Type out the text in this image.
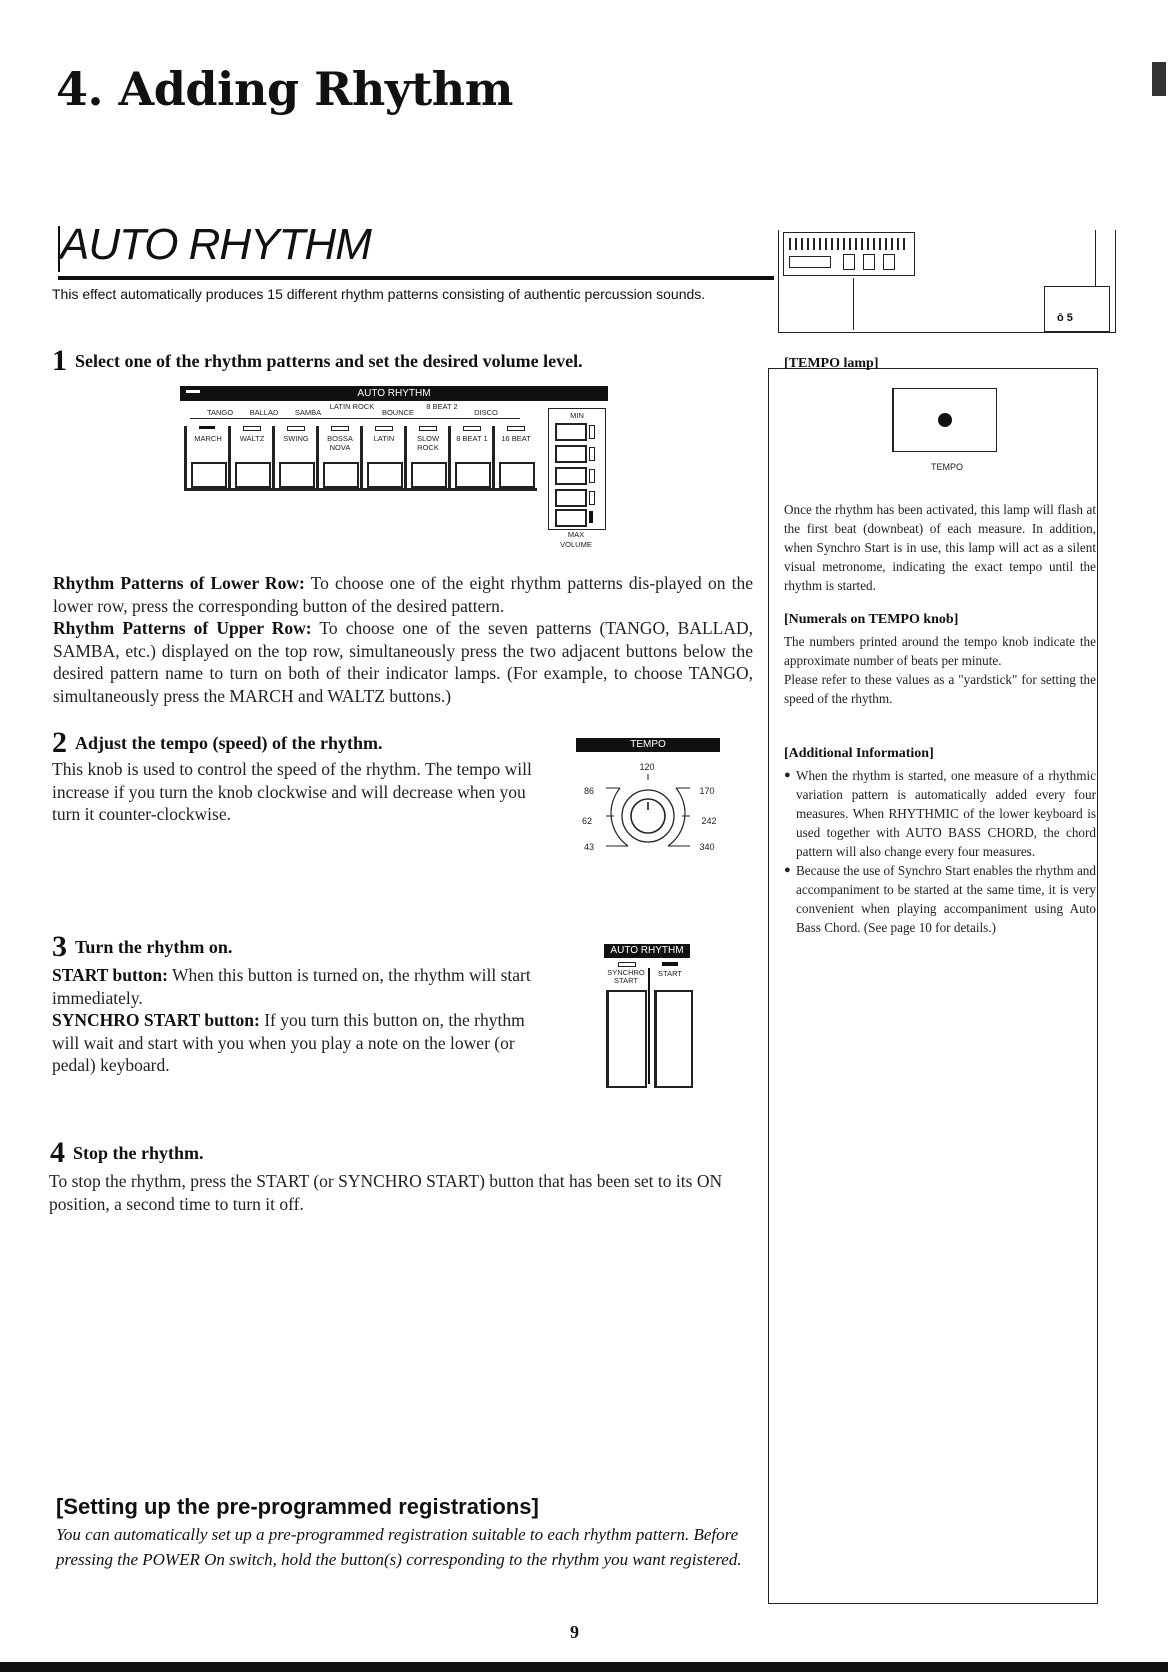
4. Adding Rhythm
AUTO RHYTHM
This effect automatically produces 15 different rhythm patterns consisting of authentic percussion sounds.
ō 5
1 Select one of the rhythm patterns and set the desired volume level.
AUTO RHYTHM
TANGO	BALLAD	SAMBA
LATIN ROCK
BOUNCE
8 BEAT 2
DISCO
MARCH	WALTZ	SWING	BOSSA NOVA
LATIN	SLOW ROCK
8 BEAT 1	16 BEAT
MIN
MAX
VOLUME
Rhythm Patterns of Lower Row: To choose one of the eight rhythm patterns dis-played on the lower row, press the corresponding button of the desired pattern.
Rhythm Patterns of Upper Row: To choose one of the seven patterns (TANGO, BALLAD, SAMBA, etc.) displayed on the top row, simultaneously press the two adjacent buttons below the desired pattern name to turn on both of their indicator lamps. (For example, to choose TANGO, simultaneously press the MARCH and WALTZ buttons.)
2 Adjust the tempo (speed) of the rhythm.
This knob is used to control the speed of the rhythm. The tempo will increase if you turn the knob clockwise and will decrease when you turn it counter-clockwise.
TEMPO
120
86	170
62	242
43	340
3 Turn the rhythm on.
START button: When this button is turned on, the rhythm will start immediately.
SYNCHRO START button: If you turn this button on, the rhythm will wait and start with you when you play a note on the lower (or pedal) keyboard.
AUTO RHYTHM
SYNCHRO START
START
4 Stop the rhythm.
To stop the rhythm, press the START (or SYNCHRO START) button that has been set to its ON position, a second time to turn it off.
[TEMPO lamp]
TEMPO
Once the rhythm has been activated, this lamp will flash at the first beat (downbeat) of each measure. In addition, when Synchro Start is in use, this lamp will act as a silent visual metronome, indicating the exact tempo until the rhythm is started.
[Numerals on TEMPO knob]
The numbers printed around the tempo knob indicate the approximate number of beats per minute.
Please refer to these values as a "yardstick" for setting the speed of the rhythm.
[Additional Information]
● When the rhythm is started, one measure of a rhythmic variation pattern is automatically added every four measures. When RHYTHMIC of the lower keyboard is used together with AUTO BASS CHORD, the chord pattern will also change every four measures.
● Because the use of Synchro Start enables the rhythm and accompaniment to be started at the same time, it is very convenient when playing accompaniment using Auto Bass Chord. (See page 10 for details.)
[Setting up the pre-programmed registrations]
You can automatically set up a pre-programmed registration suitable to each rhythm pattern. Before pressing the POWER On switch, hold the button(s) corresponding to the rhythm you want registered.
9
